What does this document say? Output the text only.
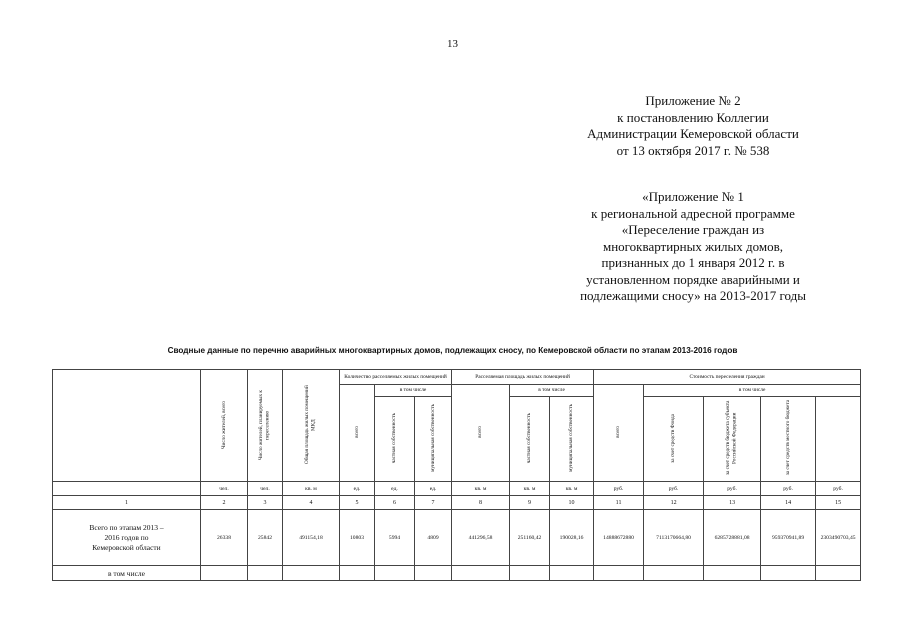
13
Приложение № 2
к постановлению Коллегии
Администрации Кемеровской области
от 13 октября 2017 г. № 538
«Приложение № 1
к региональной адресной программе
«Переселение граждан из
многоквартирных жилых домов,
признанных до 1 января 2012 г. в
установленном порядке аварийными и
подлежащими сносу» на 2013-2017 годы
Сводные данные по перечню аварийных многоквартирных домов, подлежащих сносу, по Кемеровской области по этапам 2013-2016 годов
	Число жителей, всего	Число жителей, планируемых к переселению	Общая площадь жилых помещений МКД	Количество расселяемых жилых помещений			Расселяемая площадь жилых помещений			Стоимость переселения граждан	
				всего	в том числе		всего	в том числе		всего	в том числе				
					частная собственность	муниципальная собственность		частная собственность	муниципальная собственность		за счет средств Фонда	за счет средств бюджета субъекта Российской Федерации	за счет средств местного бюджета		
	чел.	чел.	кв. м	ед.	ед.	ед.	кв. м	кв. м	кв. м	руб.	руб.	руб.	руб.	руб.	
1	2	3	4	5	6	7	8	9	10	11	12	13	14	15	

Всего по этапам 2013 –
2016 годов по
Кемеровской области	26338	25842	491154,18	10803	5994	4809	441296,58	251160,42	190028,16	14888672880	7113170664,80	6285728881,08	959370941,89	2303490703,45	
в том числе															
